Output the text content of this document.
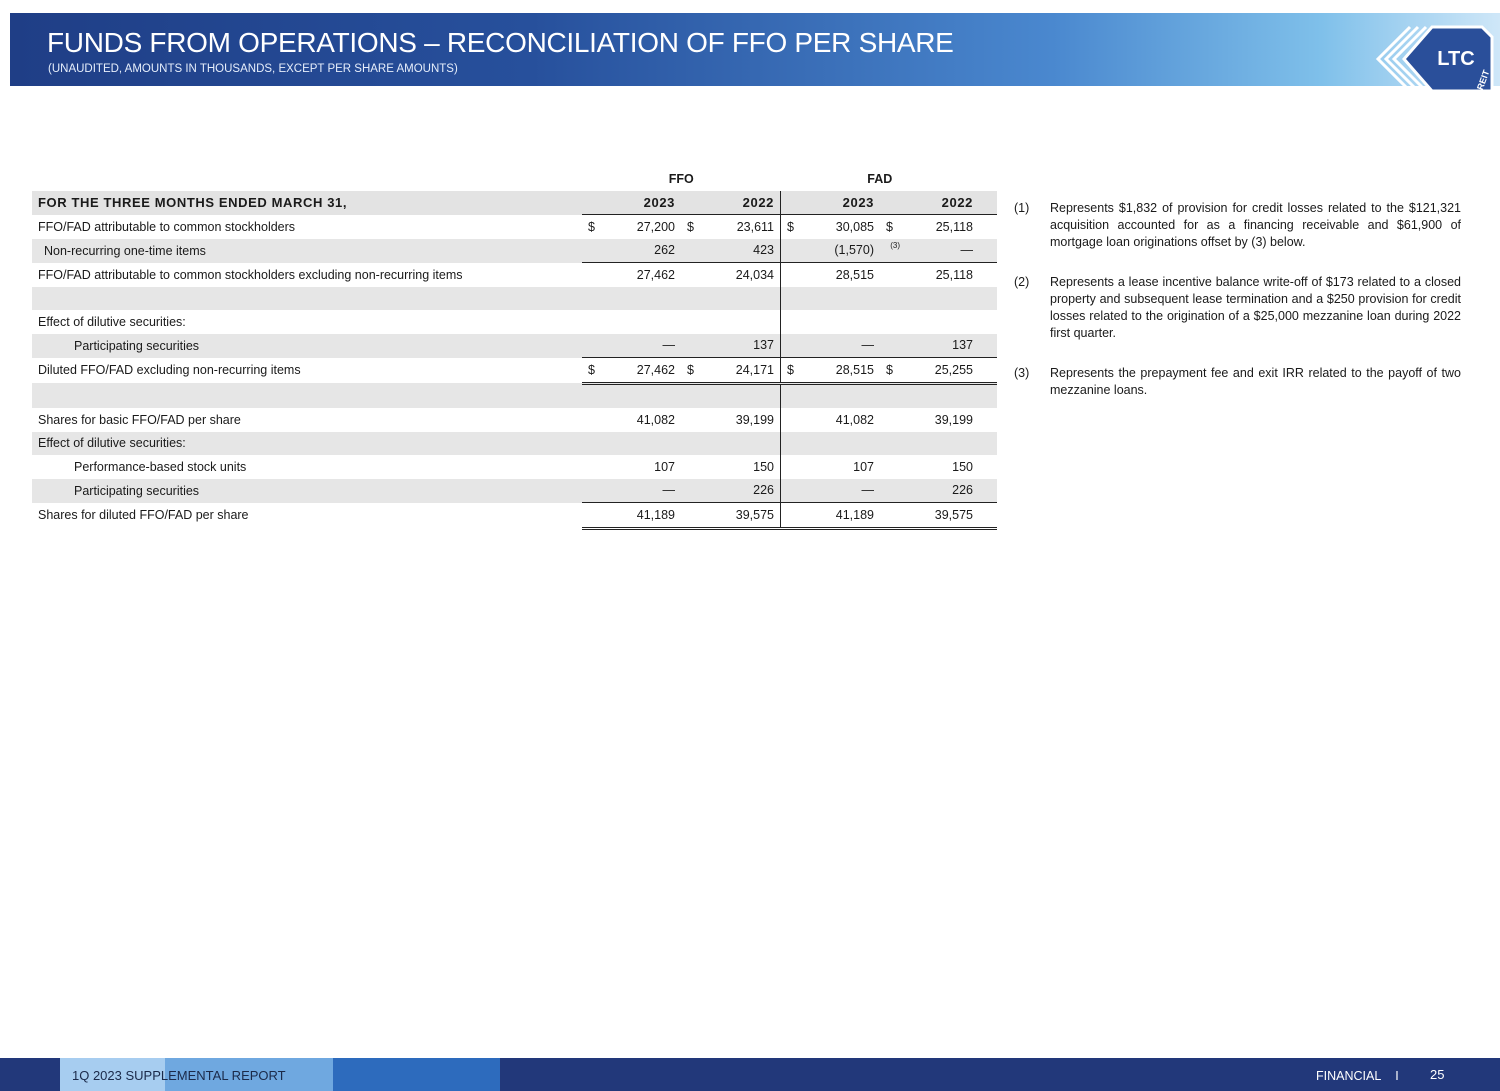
FUNDS FROM OPERATIONS – RECONCILIATION OF FFO PER SHARE
(UNAUDITED, AMOUNTS IN THOUSANDS, EXCEPT PER SHARE AMOUNTS)	LTC
REIT
	FFO		FAD		
FOR THE THREE MONTHS ENDED MARCH 31,	2023	2022	2023	2022	
FFO/FAD attributable to common stockholders	$ 27,200	$ 23,611	$ 30,085	$ 25,118	

Non-recurring one-time items	262	423	(1,570) (3)	—	
FFO/FAD attributable to common stockholders excluding non-recurring items	27,462	24,034	28,515	25,118	

Effect of dilutive securities:					
Participating securities	—	137	—	137	
Diluted FFO/FAD excluding non-recurring items	$ 27,462	$ 24,171	$ 28,515	$ 25,255	

Shares for basic FFO/FAD per share	41,082	39,199	41,082	39,199	
Effect of dilutive securities:					
Performance-based stock units	107	150	107	150	
Participating securities	—	226	—	226	
Shares for diluted FFO/FAD per share	41,189	39,575	41,189	39,575	
(1)	Represents $1,832 of provision for credit losses related to the $121,321 acquisition accounted for as a financing receivable and $61,900 of mortgage loan originations offset by (3) below.
(2)	Represents a lease incentive balance write-off of $173 related to a closed property and subsequent lease termination and a $250 provision for credit losses related to the origination of a $25,000 mezzanine loan during 2022 first quarter.
(3)	Represents the prepayment fee and exit IRR related to the payoff of two mezzanine loans.
1Q 2023 SUPPLEMENTAL REPORT	FINANCIAL I 25
